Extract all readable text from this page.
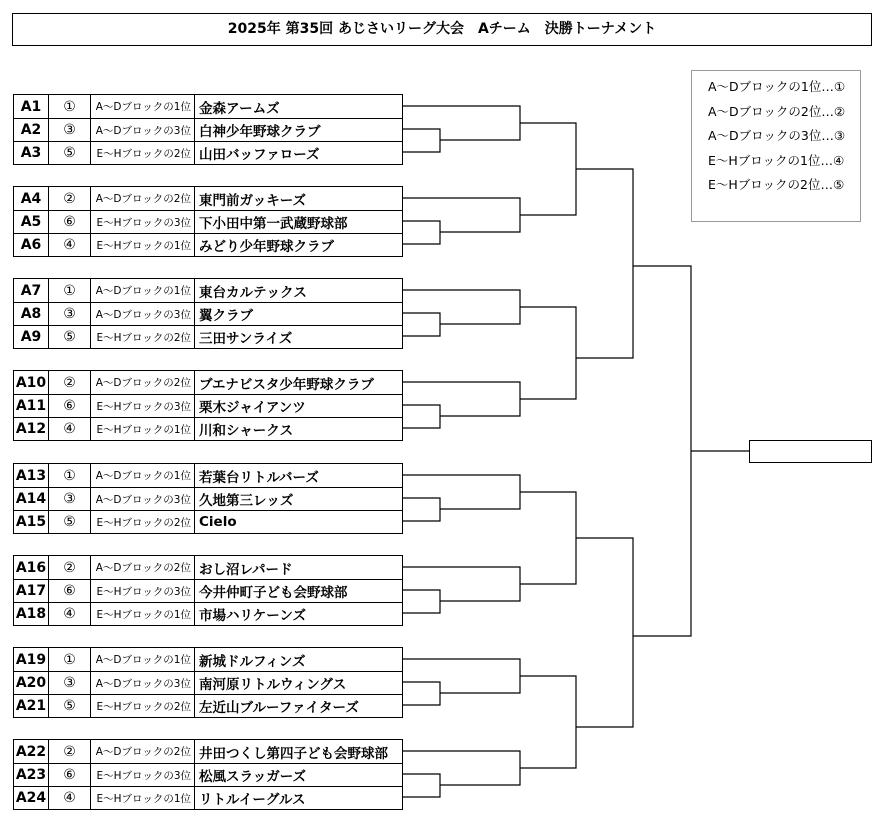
2025年 第35回 あじさいリーグ大会　Aチーム　決勝トーナメント
A～Dブロックの1位…①
A～Dブロックの2位…②
A～Dブロックの3位…③
E～Hブロックの1位…④
E～Hブロックの2位…⑤
A1	①	A～Dブロックの1位 金森アームズ
A2	③	A～Dブロックの3位 白神少年野球クラブ
A3	⑤	E～Hブロックの2位 山田バッファローズ
A4	②	A～Dブロックの2位 東門前ガッキーズ
A5	⑥	E～Hブロックの3位 下小田中第一武蔵野球部
A6	④	E～Hブロックの1位 みどり少年野球クラブ
A7	①	A～Dブロックの1位 東台カルテックス
A8	③	A～Dブロックの3位 翼クラブ
A9	⑤	E～Hブロックの2位 三田サンライズ
A10	②	A～Dブロックの2位 ブエナビスタ少年野球クラブ
A11	⑥	E～Hブロックの3位 栗木ジャイアンツ
A12	④	E～Hブロックの1位 川和シャークス
A13	①	A～Dブロックの1位 若葉台リトルバーズ
A14	③	A～Dブロックの3位 久地第三レッズ
A15	⑤	E～Hブロックの2位 Cielo
A16	②	A～Dブロックの2位 おし沼レパード
A17	⑥	E～Hブロックの3位 今井仲町子ども会野球部
A18	④	E～Hブロックの1位 市場ハリケーンズ
A19	①	A～Dブロックの1位 新城ドルフィンズ
A20	③	A～Dブロックの3位 南河原リトルウィングス
A21	⑤	E～Hブロックの2位 左近山ブルーファイターズ
A22	②	A～Dブロックの2位 井田つくし第四子ども会野球部
A23	⑥	E～Hブロックの3位 松風スラッガーズ
A24	④	E～Hブロックの1位 リトルイーグルス
